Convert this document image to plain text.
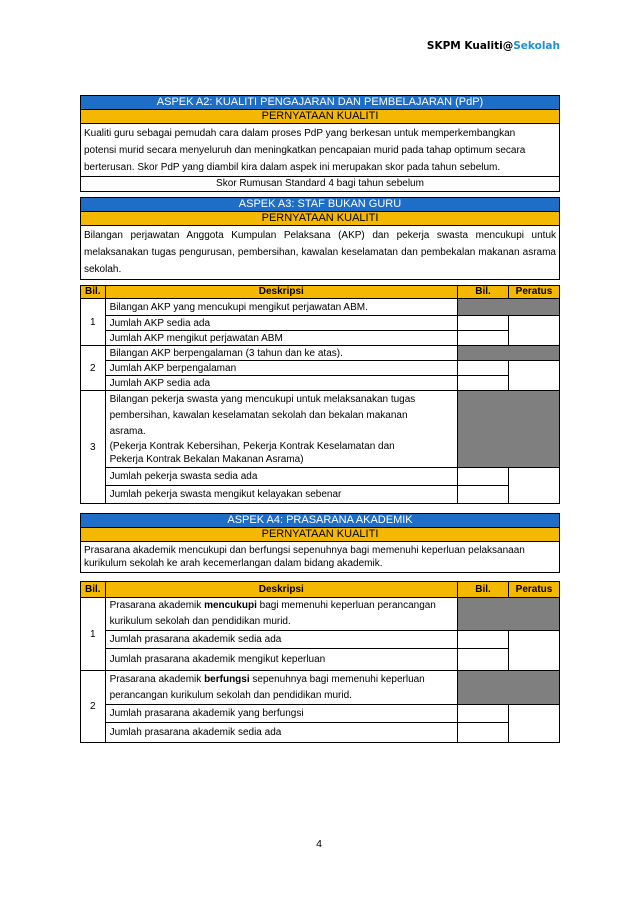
SKPM Kualiti@Sekolah
ASPEK A2: KUALITI PENGAJARAN DAN PEMBELAJARAN (PdP)
PERNYATAAN KUALITI
Kualiti guru sebagai pemudah cara dalam proses PdP yang berkesan untuk memperkembangkan
potensi murid secara menyeluruh dan meningkatkan pencapaian murid pada tahap optimum secara
berterusan. Skor PdP yang diambil kira dalam aspek ini merupakan skor pada tahun sebelum.
Skor Rumusan Standard 4 bagi tahun sebelum
ASPEK A3: STAF BUKAN GURU
PERNYATAAN KUALITI
Bilangan perjawatan Anggota Kumpulan Pelaksana (AKP) dan pekerja swasta mencukupi untuk melaksanakan tugas pengurusan, pembersihan, kawalan keselamatan dan pembekalan makanan asrama sekolah.
Bil.	Deskripsi	Bil.	Peratus
1	Bilangan AKP yang mencukupi mengikut perjawatan ABM.		
	Jumlah AKP sedia ada		
	Jumlah AKP mengikut perjawatan ABM		
2	Bilangan AKP berpengalaman (3 tahun dan ke atas).		
	Jumlah AKP berpengalaman		
	Jumlah AKP sedia ada		
3	Bilangan pekerja swasta yang mencukupi untuk melaksanakan tugas
pembersihan, kawalan keselamatan sekolah dan bekalan makanan
asrama.
(Pekerja Kontrak Kebersihan, Pekerja Kontrak Keselamatan dan
Pekerja Kontrak Bekalan Makanan Asrama)		

	Jumlah pekerja swasta sedia ada		
	Jumlah pekerja swasta mengikut kelayakan sebenar		
ASPEK A4: PRASARANA AKADEMIK
PERNYATAAN KUALITI
Prasarana akademik mencukupi dan berfungsi sepenuhnya bagi memenuhi keperluan pelaksanaan
kurikulum sekolah ke arah kecemerlangan dalam bidang akademik.
Bil.	Deskripsi	Bil.	Peratus
1	Prasarana akademik mencukupi bagi memenuhi keperluan perancangan
kurikulum sekolah dan pendidikan murid.		

	Jumlah prasarana akademik sedia ada		
	Jumlah prasarana akademik mengikut keperluan		
2	Prasarana akademik berfungsi sepenuhnya bagi memenuhi keperluan
perancangan kurikulum sekolah dan pendidikan murid.		

	Jumlah prasarana akademik yang berfungsi		
	Jumlah prasarana akademik sedia ada		
4
